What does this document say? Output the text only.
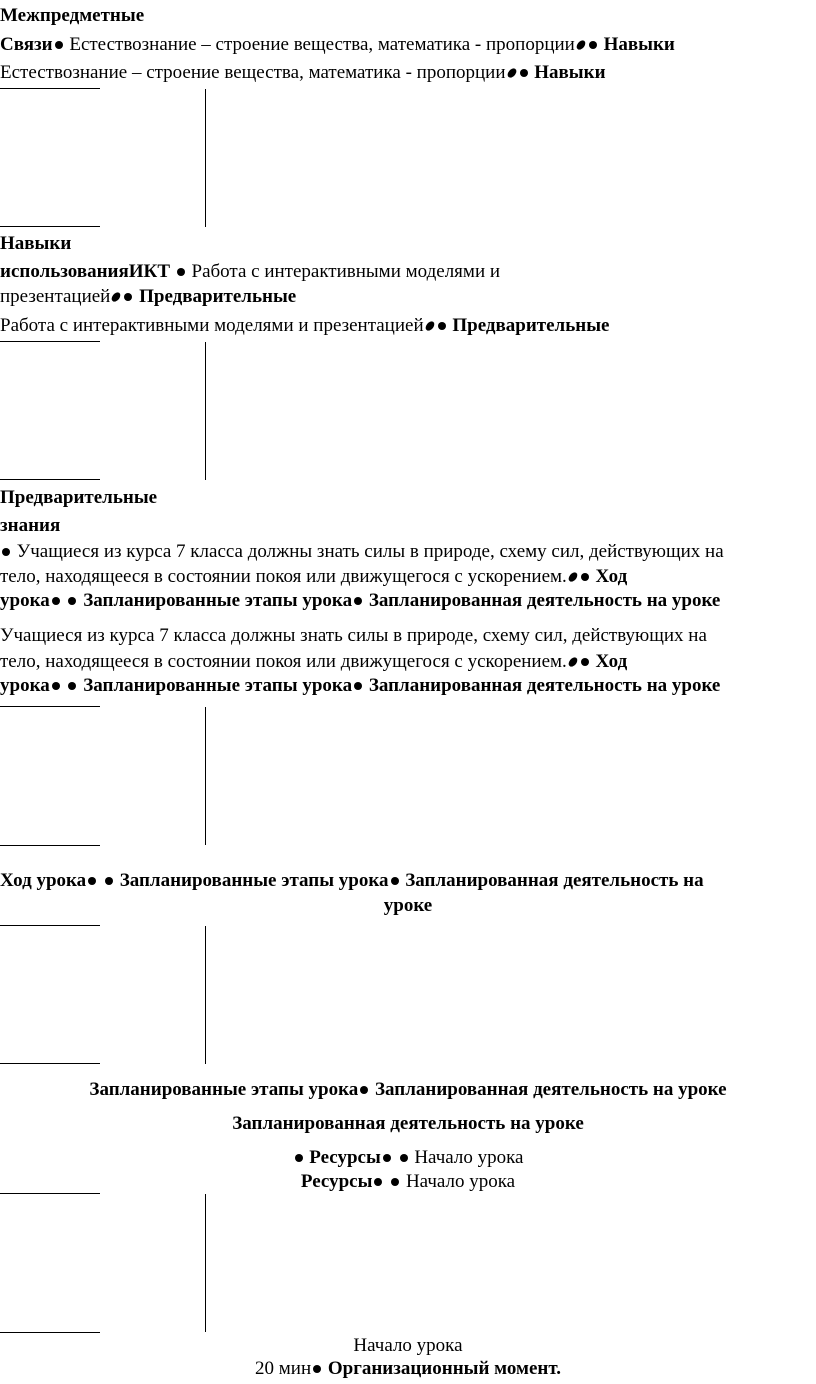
Межпредметные
Связи Естествознание – строение вещества, математика - пропорции Навыки
Естествознание – строение вещества, математика - пропорции Навыки
Навыки
использованияИКТ  Работа с интерактивными моделями и
презентацией Предварительные
Работа с интерактивными моделями и презентацией Предварительные
Предварительные
знания
Учащиеся из курса 7 класса должны знать силы в природе, схему сил, действующих на
тело, находящееся в состоянии покоя или движущегося с ускорением. Ход
урока  Запланированные этапы урока Запланированная деятельность на уроке
Учащиеся из курса 7 класса должны знать силы в природе, схему сил, действующих на
тело, находящееся в состоянии покоя или движущегося с ускорением. Ход
урока  Запланированные этапы урока Запланированная деятельность на уроке
Ход урока  Запланированные этапы урока Запланированная деятельность на
уроке
Запланированные этапы урока Запланированная деятельность на уроке
Запланированная деятельность на уроке
Ресурсы  Начало урока
Ресурсы  Начало урока
Начало урока
20 мин Организационный момент.
